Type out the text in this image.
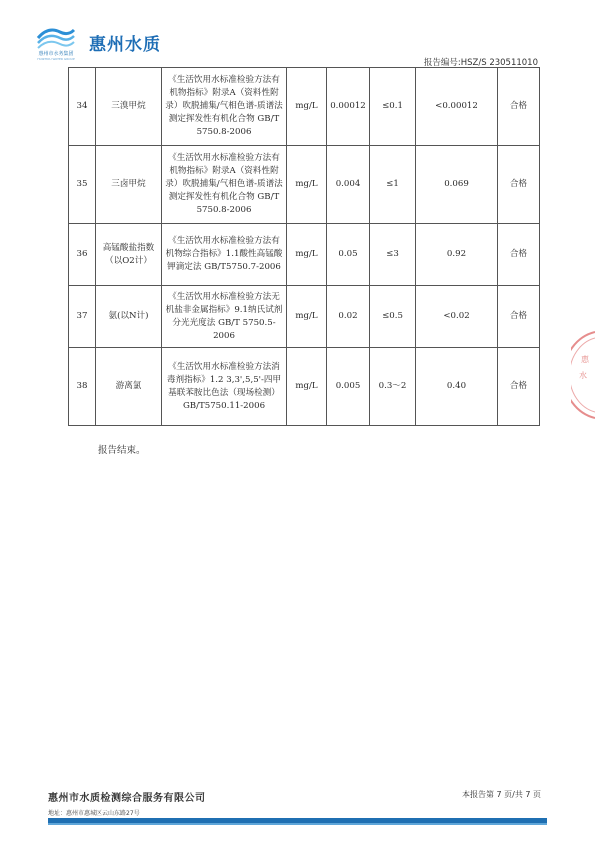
惠州市水务集团
HUIZHOU WATER GROUP
惠州水质
报告编号:HSZ/S 230511010
34	三溴甲烷	《生活饮用水标准检验方法有机物指标》附录A（资料性附录）吹脱捕集/气相色谱-质谱法测定挥发性有机化合物 GB/T 5750.8-2006	mg/L	0.00012	≤0.1	<0.00012	合格
35	三卤甲烷	《生活饮用水标准检验方法有机物指标》附录A（资料性附录）吹脱捕集/气相色谱-质谱法测定挥发性有机化合物 GB/T 5750.8-2006	mg/L	0.004	≤1	0.069	合格
36	高锰酸盐指数（以O2计）	《生活饮用水标准检验方法有机物综合指标》1.1酸性高锰酸钾滴定法 GB/T5750.7-2006	mg/L	0.05	≤3	0.92	合格
37	氨(以N计)	《生活饮用水标准检验方法无机盐非金属指标》9.1纳氏试剂分光光度法 GB/T 5750.5-2006	mg/L	0.02	≤0.5	<0.02	合格
38	游离氯	《生活饮用水标准检验方法消毒剂指标》1.2 3,3',5,5'-四甲基联苯胺比色法（现场检测） GB/T5750.11-2006	mg/L	0.005	0.3～2	0.40	合格
报告结束。
惠
水
惠州市水质检测综合服务有限公司	本报告第 7 页/共 7 页
地址：惠州市惠城区云山东路27号
